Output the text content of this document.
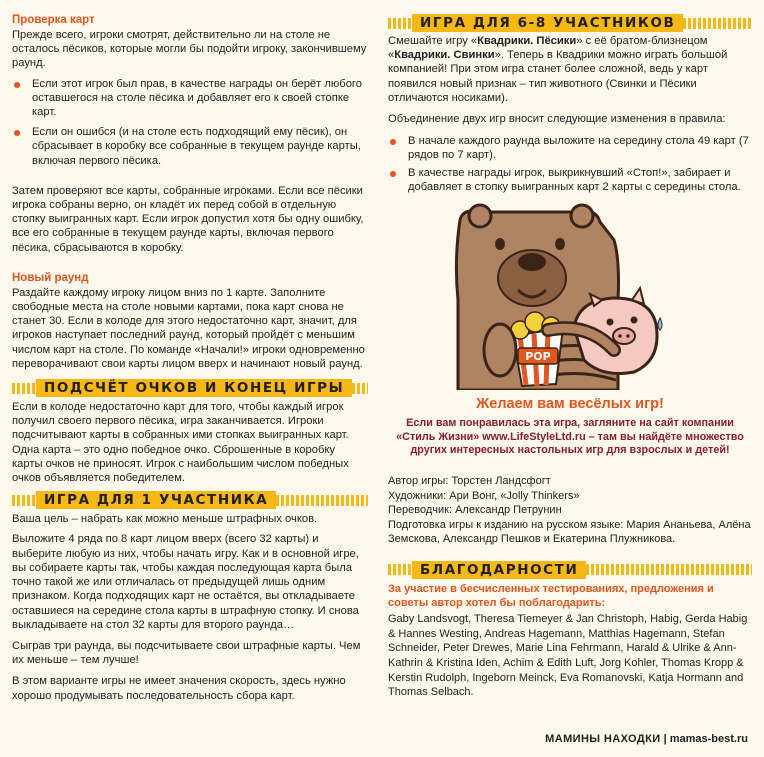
Проверка карт

Прежде всего, игроки смотрят, действительно ли на столе не осталось пёсиков, которые могли бы подойти игроку, закончившему раунд.

Если этот игрок был прав, в качестве награды он берёт любого оставшегося на столе пёсика и добавляет его к своей стопке карт.
Если он ошибся (и на столе есть подходящий ему пёсик), он сбрасывает в коробку все собранные в текущем раунде карты, включая первого пёсика.

Затем проверяют все карты, собранные игроками. Если все пёсики игрока собраны верно, он кладёт их перед собой в отдельную стопку выигранных карт. Если игрок допустил хотя бы одну ошибку, все его собранные в текущем раунде карты, включая первого пёсика, сбрасываются в коробку.

Новый раунд

Раздайте каждому игроку лицом вниз по 1 карте. Заполните свободные места на столе новыми картами, пока карт снова не станет 30. Если в колоде для этого недостаточно карт, значит, для игроков наступает последний раунд, который пройдёт с меньшим числом карт на столе. По команде «Начали!» игроки одновременно переворачивают свои карты лицом вверх и начинают новый раунд.

ПОДСЧЁТ ОЧКОВ И КОНЕЦ ИГРЫ

Если в колоде недостаточно карт для того, чтобы каждый игрок получил своего первого пёсика, игра заканчивается. Игроки подсчитывают карты в собранных ими стопках выигранных карт. Одна карта – это одно победное очко. Сброшенные в коробку карты очков не приносят. Игрок с наибольшим числом победных очков объявляется победителем.

ИГРА ДЛЯ 1 УЧАСТНИКА

Ваша цель – набрать как можно меньше штрафных очков.

Выложите 4 ряда по 8 карт лицом вверх (всего 32 карты) и выберите любую из них, чтобы начать игру. Как и в основной игре, вы собираете карты так, чтобы каждая последующая карта была точно такой же или отличалась от предыдущей лишь одним признаком. Когда подходящих карт не остаётся, вы откладываете оставшиеся на середине стола карты в штрафную стопку. И снова выкладываете на стол 32 карты для второго раунда…

Сыграв три раунда, вы подсчитываете свои штрафные карты. Чем их меньше – тем лучше!

В этом варианте игры не имеет значения скорость, здесь нужно хорошо продумывать последовательность сбора карт.

ИГРА ДЛЯ 6-8 УЧАСТНИКОВ

Смешайте игру «Квадрики. Пёсики» с её братом-близнецом «Квадрики. Свинки». Теперь в Квадрики можно играть большой компанией! При этом игра станет более сложной, ведь у карт появился новый признак – тип животного (Свинки и Пёсики отличаются носиками).

Объединение двух игр вносит следующие изменения в правила:

В начале каждого раунда выложите на середину стола 49 карт (7 рядов по 7 карт).
В качестве награды игрок, выкрикнувший «Стоп!», забирает и добавляет в стопку выигранных карт 2 карты с середины стола.
POP

Желаем вам весёлых игр!

Если вам понравилась эта игра, загляните на сайт компании «Стиль Жизни» www.LifeStyleLtd.ru – там вы найдёте множество других интересных настольных игр для взрослых и детей!

Автор игры: Торстен Ландсфогт

Художники: Ари Вонг, «Jolly Thinkers»

Переводчик: Александр Петрунин

Подготовка игры к изданию на русском языке: Мария Ананьева, Алёна Земскова, Александр Пешков и Екатерина Плужникова.

БЛАГОДАРНОСТИ

За участие в бесчисленных тестированиях, предложения и советы автор хотел бы поблагодарить:

Gaby Landsvogt, Theresa Tiemeyer & Jan Christoph, Habig, Gerda Habig & Hannes Westing, Andreas Hagemann, Matthias Hagemann, Stefan Schneider, Peter Drewes, Marie Lina Fehrmann, Harald & Ulrike & Ann-Kathrin & Kristina Iden, Achim & Edith Luft, Jorg Kohler, Thomas Kropp & Kerstin Rudolph, Ingeborn Meinck, Eva Romanovski, Katja Hormann and Thomas Selbach.

МАМИНЫ НАХОДКИ | mamas-best.ru
